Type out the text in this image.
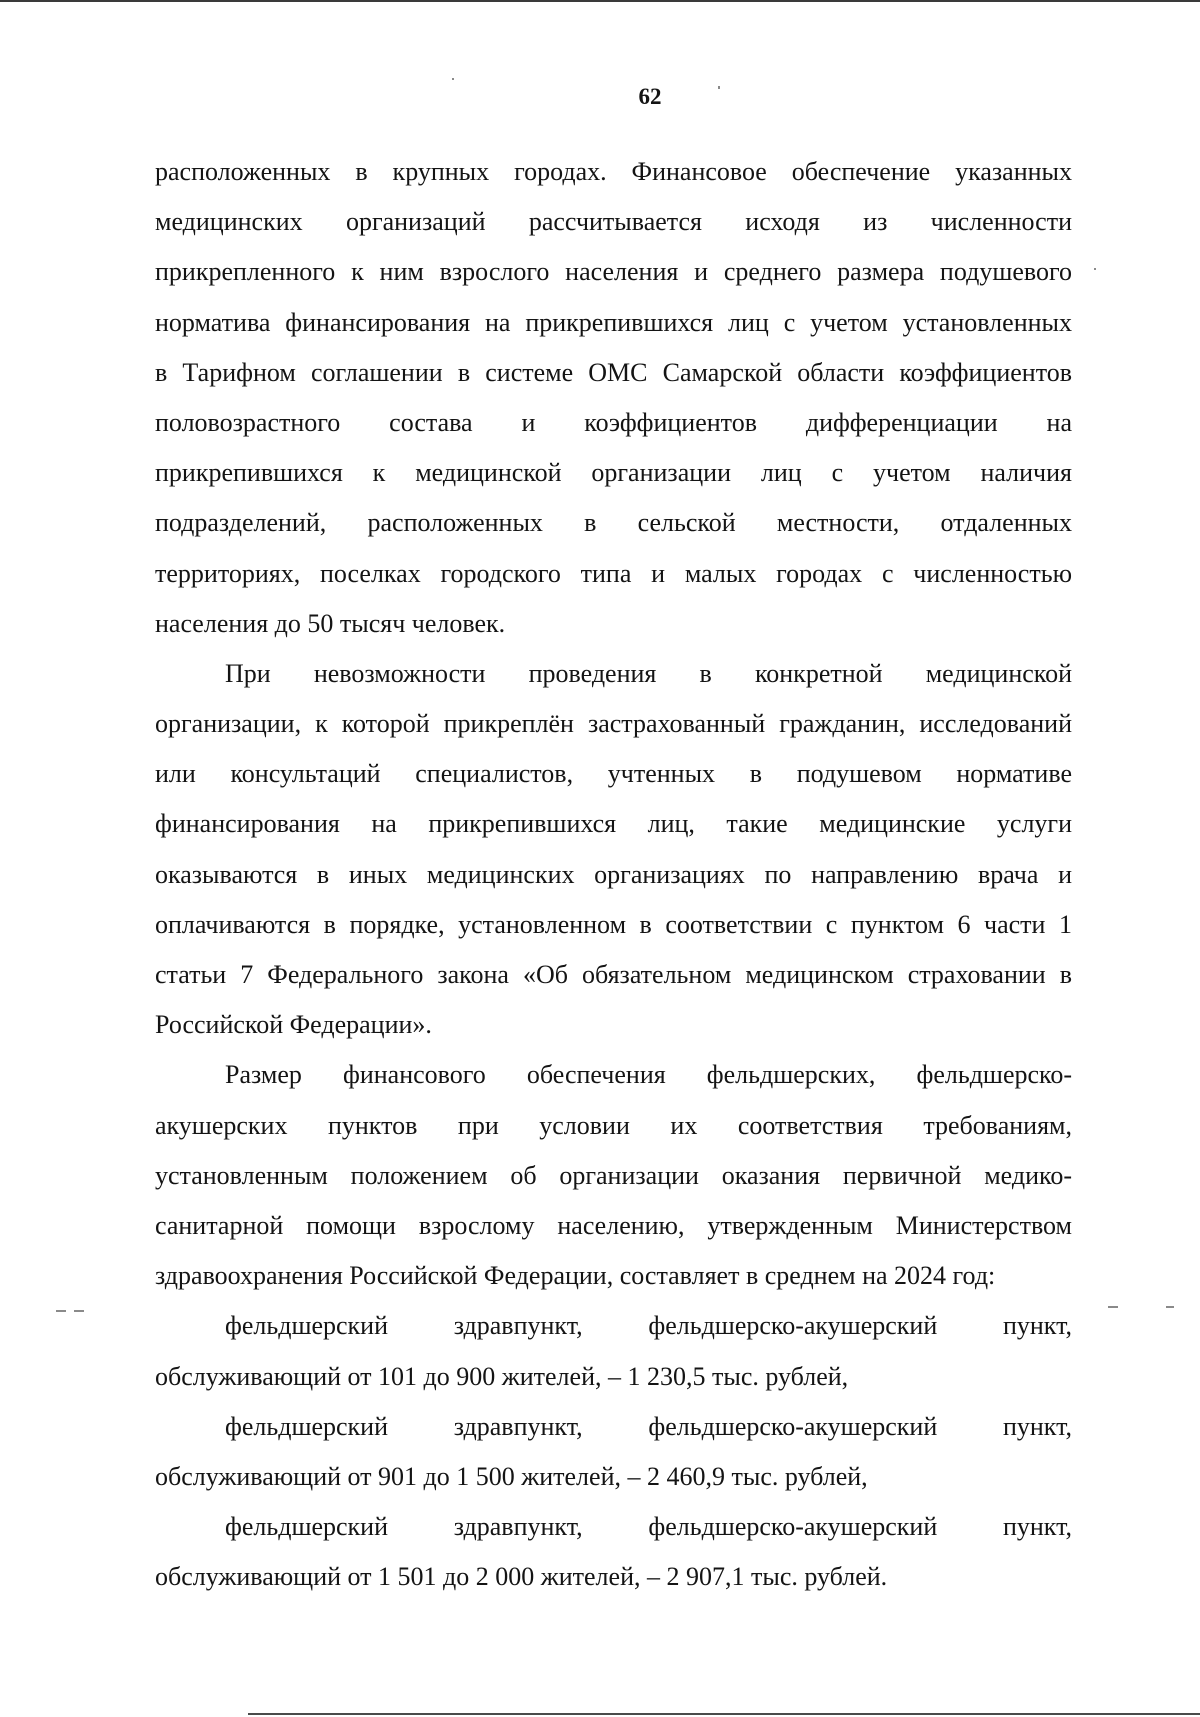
62
расположенных в крупных городах. Финансовое обеспечение указанных
медицинских организаций рассчитывается исходя из численности
прикрепленного к ним взрослого населения и среднего размера подушевого
норматива финансирования на прикрепившихся лиц с учетом установленных
в Тарифном соглашении в системе ОМС Самарской области коэффициентов
половозрастного состава и коэффициентов дифференциации на
прикрепившихся к медицинской организации лиц с учетом наличия
подразделений, расположенных в сельской местности, отдаленных
территориях, поселках городского типа и малых городах с численностью
населения до 50 тысяч человек.
При невозможности проведения в конкретной медицинской
организации, к которой прикреплён застрахованный гражданин, исследований
или консультаций специалистов, учтенных в подушевом нормативе
финансирования на прикрепившихся лиц, такие медицинские услуги
оказываются в иных медицинских организациях по направлению врача и
оплачиваются в порядке, установленном в соответствии с пунктом 6 части 1
статьи 7 Федерального закона «Об обязательном медицинском страховании в
Российской Федерации».
Размер финансового обеспечения фельдшерских, фельдшерско-
акушерских пунктов при условии их соответствия требованиям,
установленным положением об организации оказания первичной медико-
санитарной помощи взрослому населению, утвержденным Министерством
здравоохранения Российской Федерации, составляет в среднем на 2024 год:
фельдшерский здравпункт, фельдшерско-акушерский пункт,
обслуживающий от 101 до 900 жителей, – 1 230,5 тыс. рублей,
фельдшерский здравпункт, фельдшерско-акушерский пункт,
обслуживающий от 901 до 1 500 жителей, – 2 460,9 тыс. рублей,
фельдшерский здравпункт, фельдшерско-акушерский пункт,
обслуживающий от 1 501 до 2 000 жителей, – 2 907,1 тыс. рублей.
